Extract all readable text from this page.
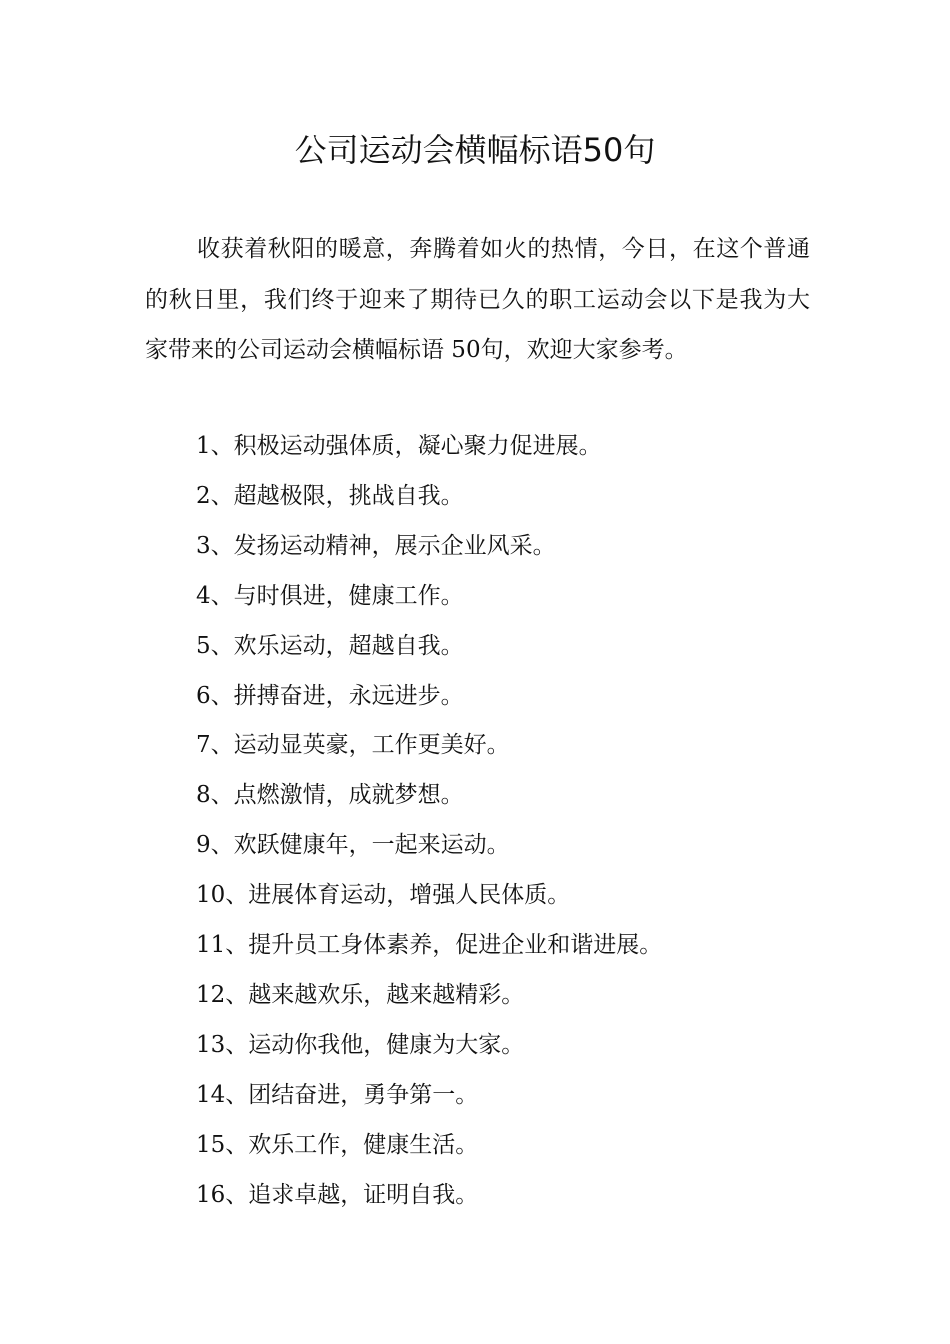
公司运动会横幅标语50句

收获着秋阳的暖意，奔腾着如火的热情，今日，在这个普通的秋日里，我们终于迎来了期待已久的职工运动会以下是我为大家带来的公司运动会横幅标语 50句，欢迎大家参考。

1、积极运动强体质，凝心聚力促进展。
2、超越极限，挑战自我。
3、发扬运动精神，展示企业风采。
4、与时俱进，健康工作。
5、欢乐运动，超越自我。
6、拼搏奋进，永远进步。
7、运动显英豪，工作更美好。
8、点燃激情，成就梦想。
9、欢跃健康年，一起来运动。
10、进展体育运动，增强人民体质。
11、提升员工身体素养，促进企业和谐进展。
12、越来越欢乐，越来越精彩。
13、运动你我他，健康为大家。
14、团结奋进，勇争第一。
15、欢乐工作，健康生活。
16、追求卓越，证明自我。
